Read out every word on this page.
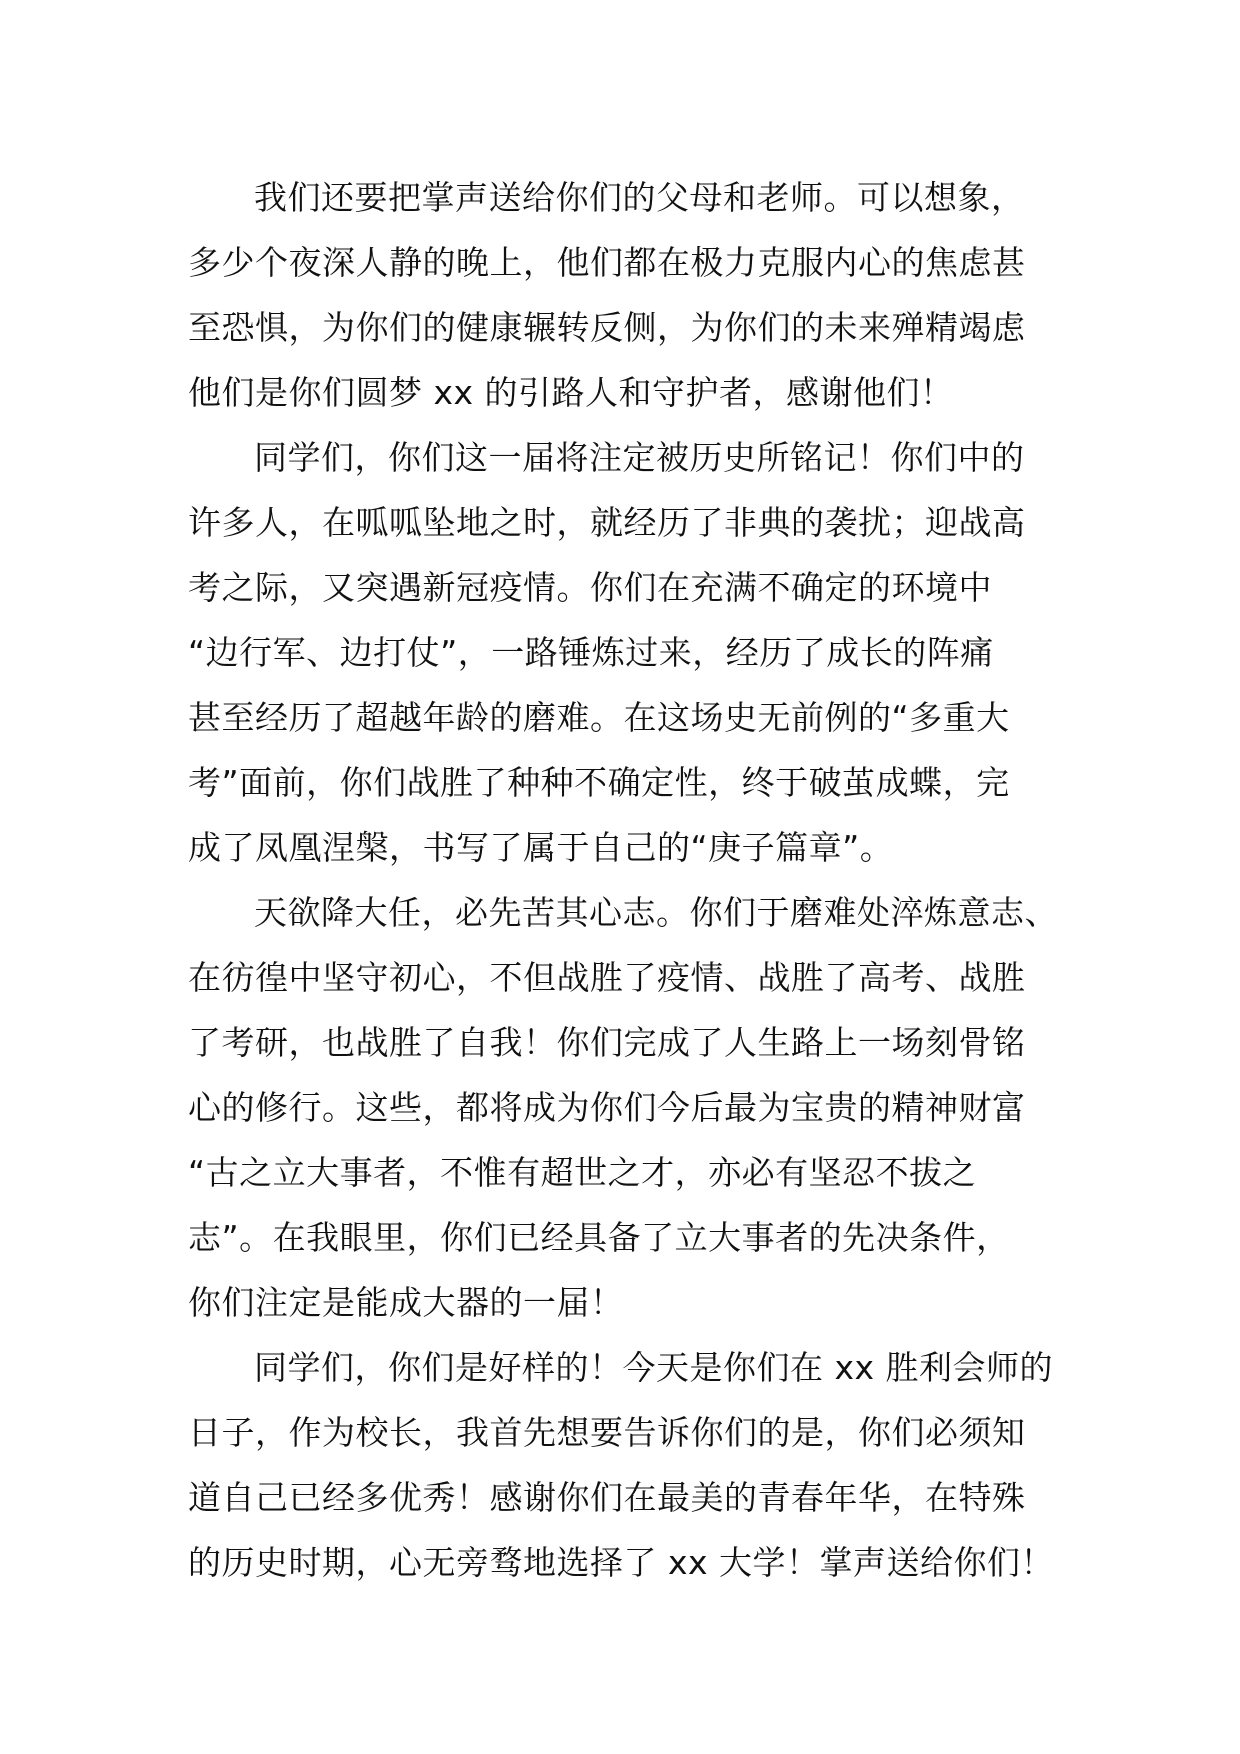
我们还要把掌声送给你们的父母和老师。可以想象，
多少个夜深人静的晚上，他们都在极力克服内心的焦虑甚
至恐惧，为你们的健康辗转反侧，为你们的未来殚精竭虑
他们是你们圆梦 xx 的引路人和守护者，感谢他们！
同学们，你们这一届将注定被历史所铭记！你们中的
许多人，在呱呱坠地之时，就经历了非典的袭扰；迎战高
考之际，又突遇新冠疫情。你们在充满不确定的环境中
“边行军、边打仗”，一路锤炼过来，经历了成长的阵痛
甚至经历了超越年龄的磨难。在这场史无前例的“多重大
考”面前，你们战胜了种种不确定性，终于破茧成蝶，完
成了凤凰涅槃，书写了属于自己的“庚子篇章”。
天欲降大任，必先苦其心志。你们于磨难处淬炼意志、
在彷徨中坚守初心，不但战胜了疫情、战胜了高考、战胜
了考研，也战胜了自我！你们完成了人生路上一场刻骨铭
心的修行。这些，都将成为你们今后最为宝贵的精神财富
“古之立大事者，不惟有超世之才，亦必有坚忍不拔之
志”。在我眼里，你们已经具备了立大事者的先决条件，
你们注定是能成大器的一届！
同学们，你们是好样的！今天是你们在 xx 胜利会师的
日子，作为校长，我首先想要告诉你们的是，你们必须知
道自己已经多优秀！感谢你们在最美的青春年华，在特殊
的历史时期，心无旁骛地选择了 xx 大学！掌声送给你们！
